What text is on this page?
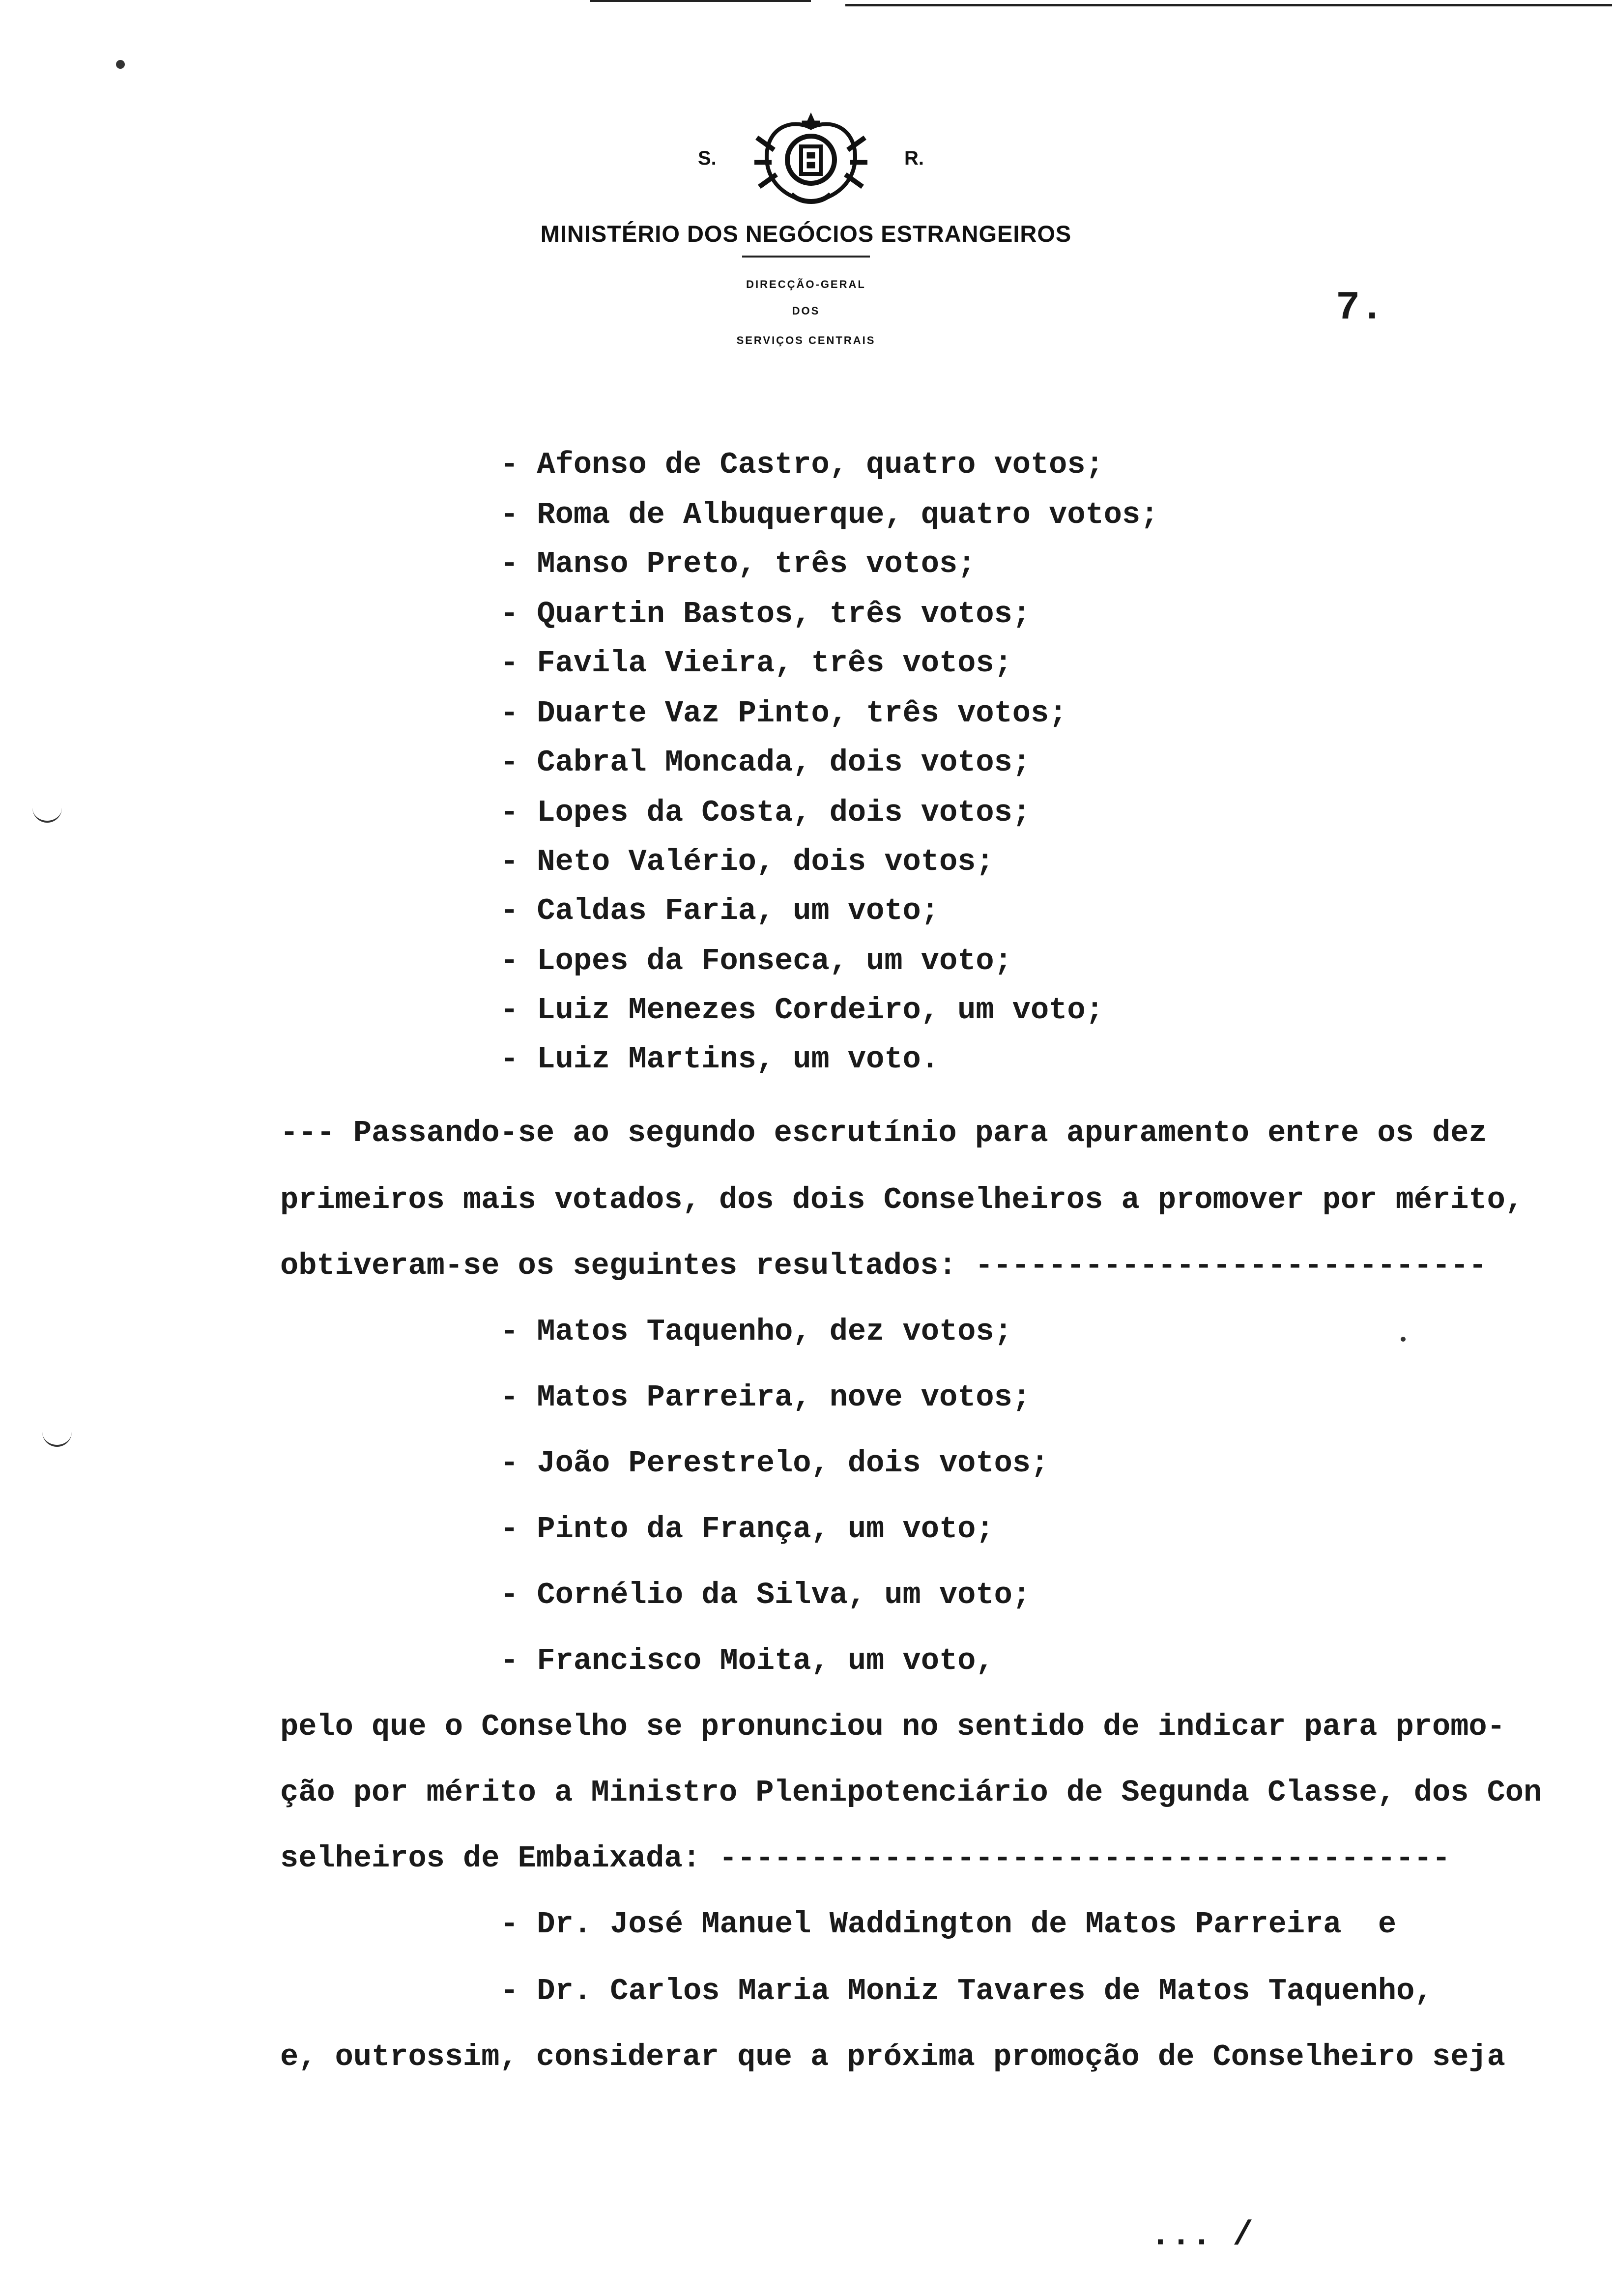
S.	R.
MINISTÉRIO DOS NEGÓCIOS ESTRANGEIROS
DIRECÇÃO-GERAL
DOS
SERVIÇOS CENTRAIS
7.
- Afonso de Castro, quatro votos;
- Roma de Albuquerque, quatro votos;
- Manso Preto, três votos;
- Quartin Bastos, três votos;
- Favila Vieira, três votos;
- Duarte Vaz Pinto, três votos;
- Cabral Moncada, dois votos;
- Lopes da Costa, dois votos;
- Neto Valério, dois votos;
- Caldas Faria, um voto;
- Lopes da Fonseca, um voto;
- Luiz Menezes Cordeiro, um voto;
- Luiz Martins, um voto.
--- Passando-se ao segundo escrutínio para apuramento entre os dez
primeiros mais votados, dos dois Conselheiros a promover por mérito,
obtiveram-se os seguintes resultados: ----------------------------
- Matos Taquenho, dez votos;
- Matos Parreira, nove votos;
- João Perestrelo, dois votos;
- Pinto da França, um voto;
- Cornélio da Silva, um voto;
- Francisco Moita, um voto,
pelo que o Conselho se pronunciou no sentido de indicar para promo-
ção por mérito a Ministro Plenipotenciário de Segunda Classe, dos Con
selheiros de Embaixada: ----------------------------------------
- Dr. José Manuel Waddington de Matos Parreira  e
- Dr. Carlos Maria Moniz Tavares de Matos Taquenho,
e, outrossim, considerar que a próxima promoção de Conselheiro seja
... /
